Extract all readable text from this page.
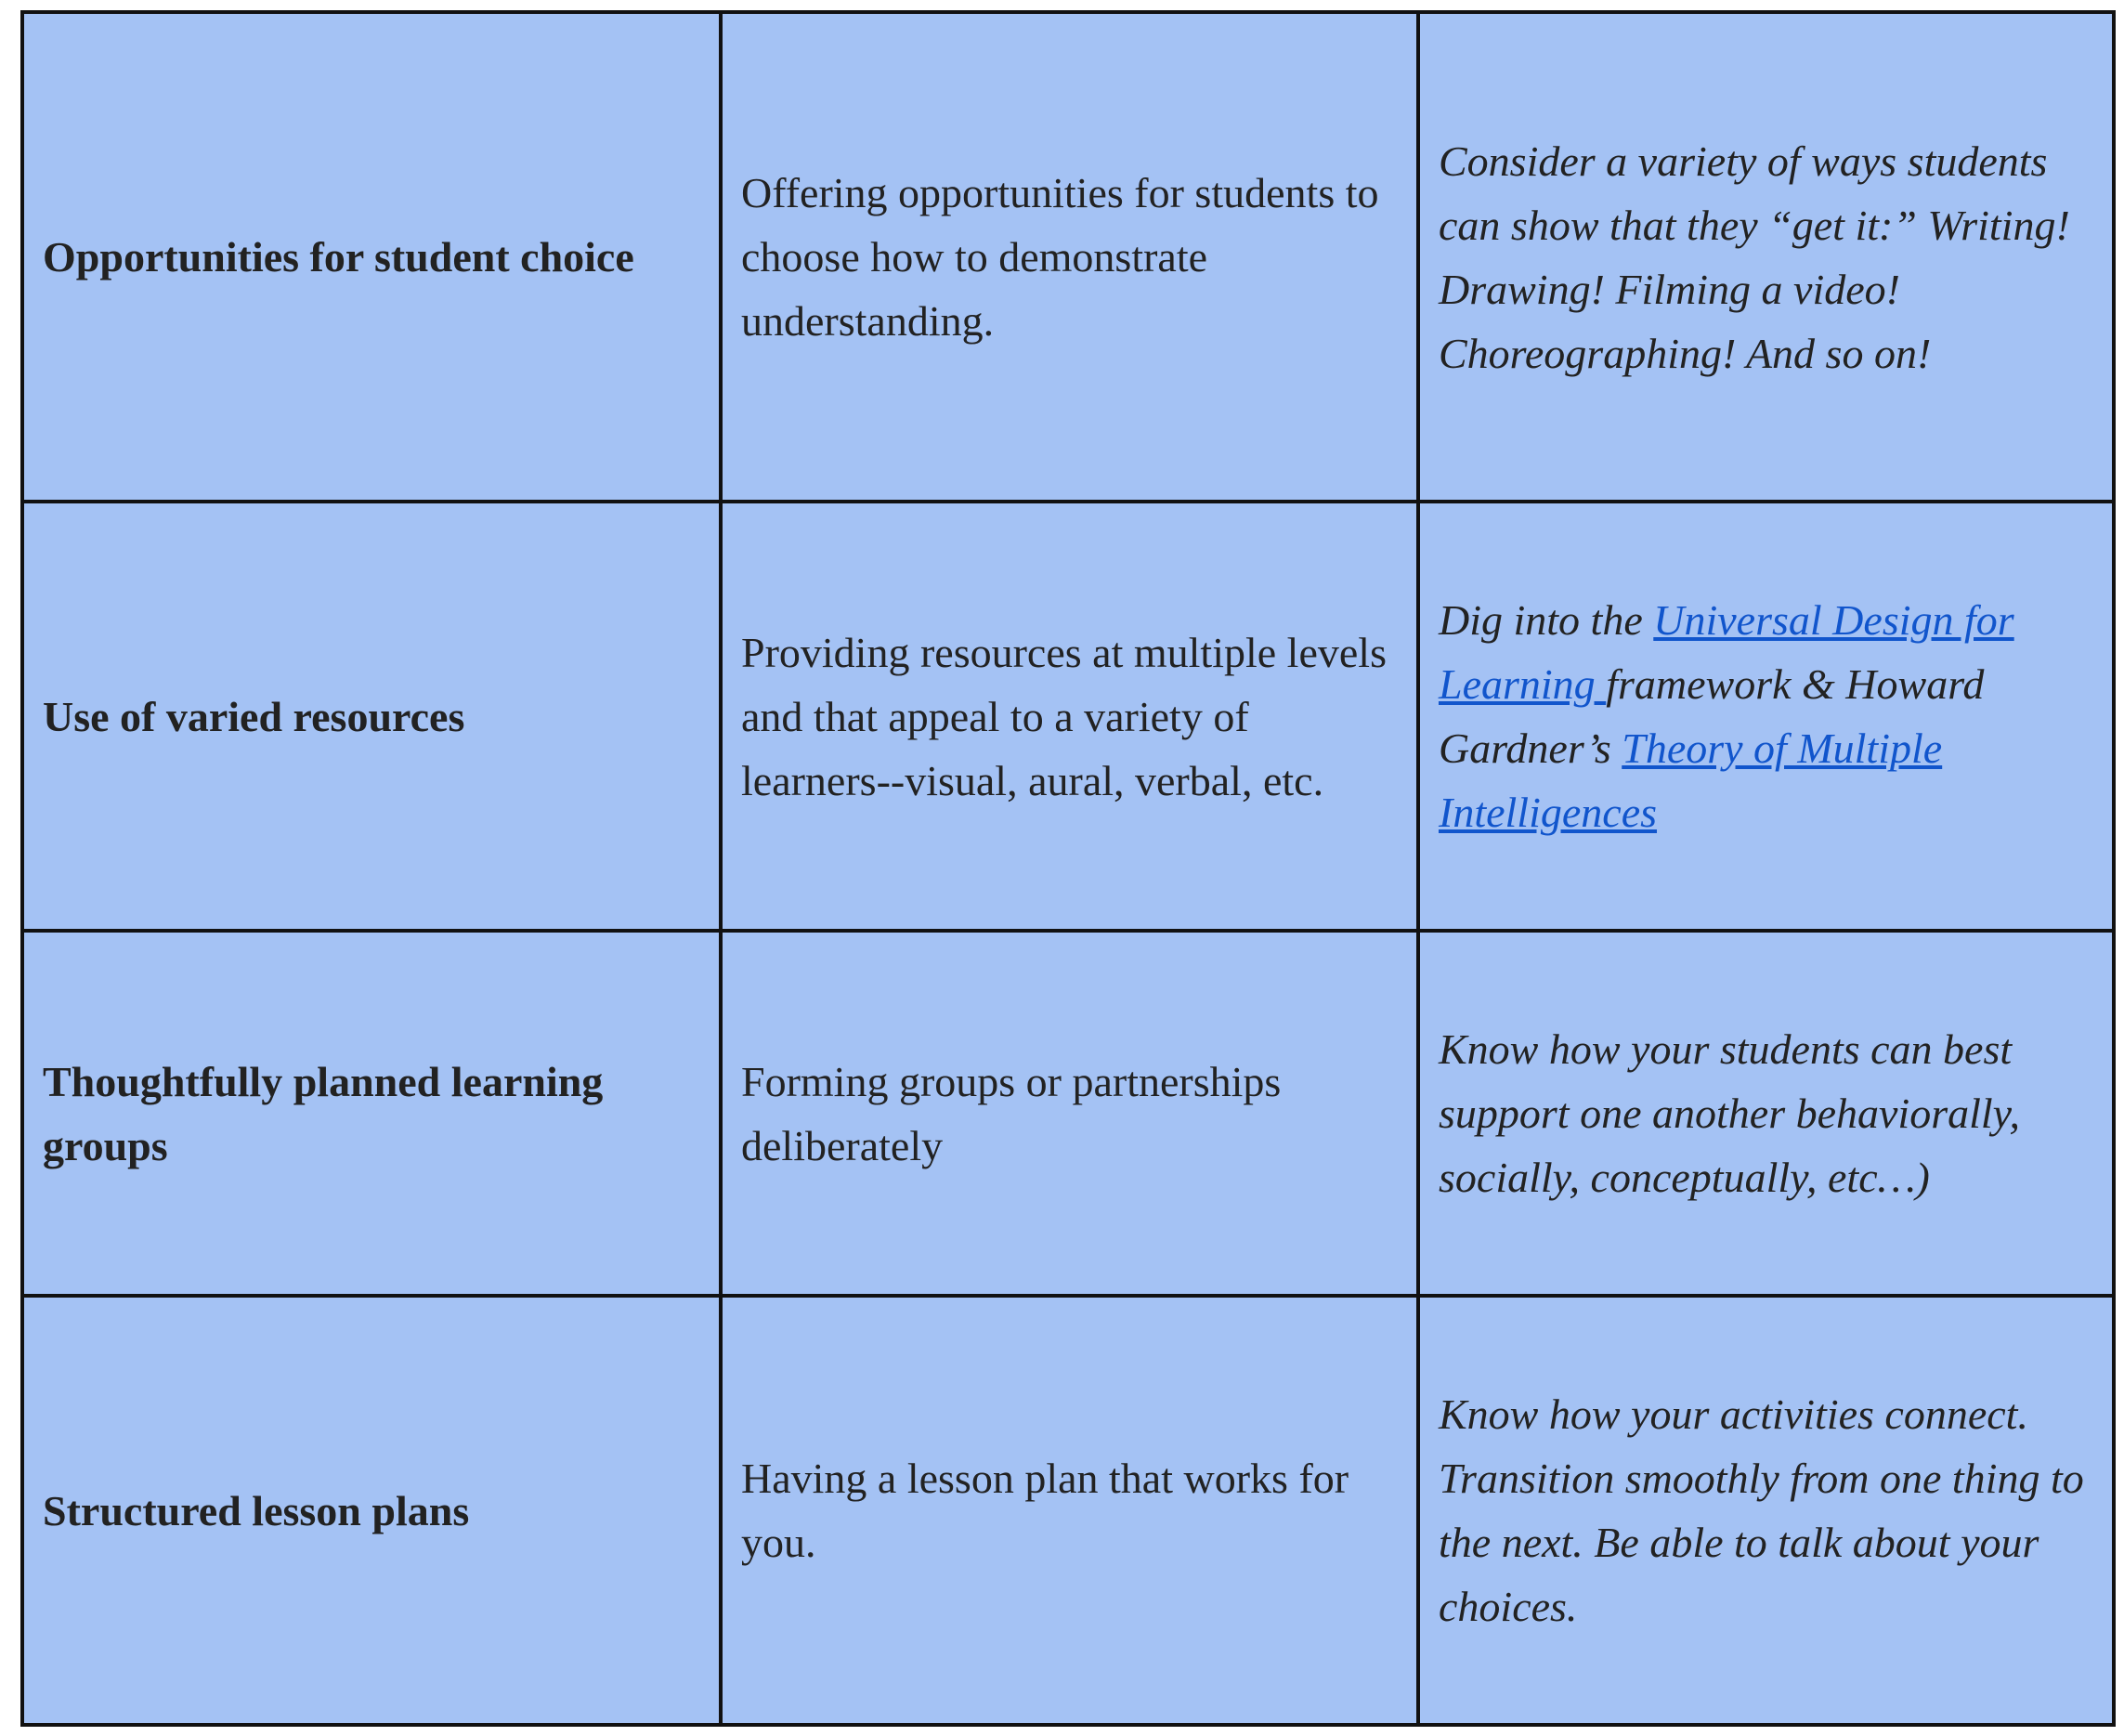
Opportunities for student choice	Offering opportunities for students to choose how to demonstrate understanding.	Consider a variety of ways students can show that they “get it:” Writing! Drawing! Filming a video! Choreographing! And so on!
Use of varied resources	Providing resources at multiple levels and that appeal to a variety of learners--visual, aural, verbal, etc.	Dig into the Universal Design for Learning framework & Howard Gardner’s Theory of Multiple Intelligences
Thoughtfully planned learning groups	Forming groups or partnerships deliberately	Know how your students can best support one another behaviorally, socially, conceptually, etc…)
Structured lesson plans	Having a lesson plan that works for you.	Know how your activities connect. Transition smoothly from one thing to the next. Be able to talk about your choices.
